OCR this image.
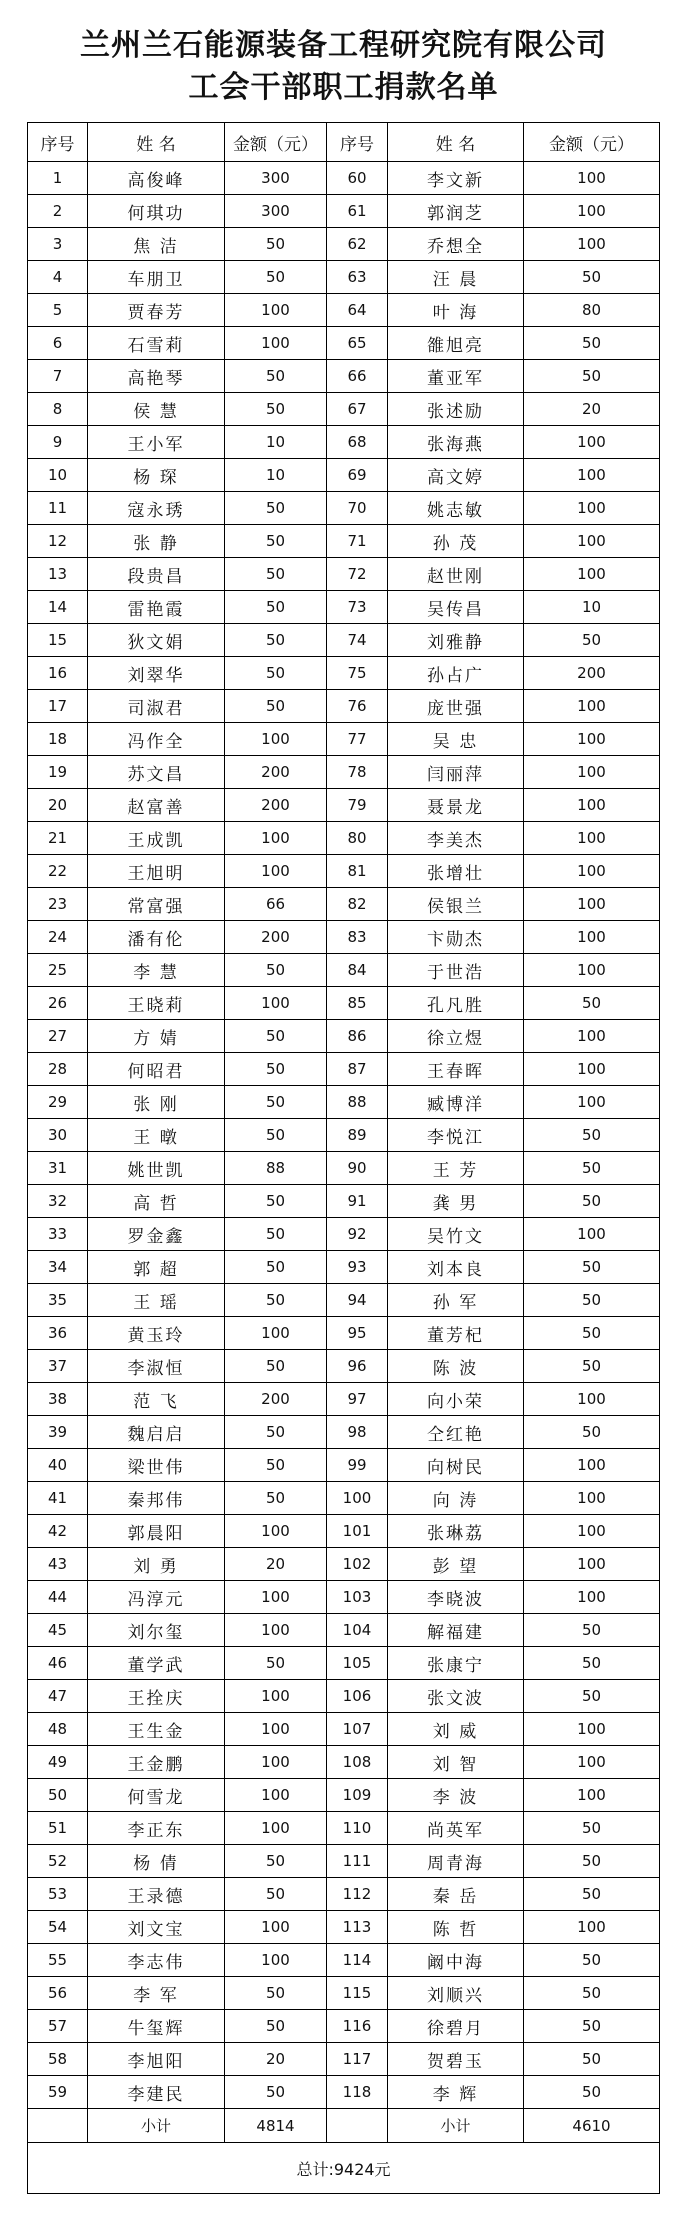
兰州兰石能源装备工程研究院有限公司
工会干部职工捐款名单
序号	姓 名	金额（元）	序号	姓 名	金额（元）
1	高俊峰	300	60	李文新	100
2	何琪功	300	61	郭润芝	100
3	焦 洁	50	62	乔想全	100
4	车朋卫	50	63	汪 晨	50
5	贾春芳	100	64	叶 海	80
6	石雪莉	100	65	雒旭亮	50
7	高艳琴	50	66	董亚军	50
8	侯 慧	50	67	张述励	20
9	王小军	10	68	张海燕	100
10	杨 琛	10	69	高文婷	100
11	寇永琇	50	70	姚志敏	100
12	张 静	50	71	孙 茂	100
13	段贵昌	50	72	赵世刚	100
14	雷艳霞	50	73	吴传昌	10
15	狄文娟	50	74	刘雅静	50
16	刘翠华	50	75	孙占广	200
17	司淑君	50	76	庞世强	100
18	冯作全	100	77	吴 忠	100
19	苏文昌	200	78	闫丽萍	100
20	赵富善	200	79	聂景龙	100
21	王成凯	100	80	李美杰	100
22	王旭明	100	81	张增壮	100
23	常富强	66	82	侯银兰	100
24	潘有伦	200	83	卞勋杰	100
25	李 慧	50	84	于世浩	100
26	王晓莉	100	85	孔凡胜	50
27	方 婧	50	86	徐立煜	100
28	何昭君	50	87	王春晖	100
29	张 刚	50	88	臧博洋	100
30	王 暾	50	89	李悦江	50
31	姚世凯	88	90	王 芳	50
32	高 哲	50	91	龚 男	50
33	罗金鑫	50	92	吴竹文	100
34	郭 超	50	93	刘本良	50
35	王 瑶	50	94	孙 军	50
36	黄玉玲	100	95	董芳杞	50
37	李淑恒	50	96	陈 波	50
38	范 飞	200	97	向小荣	100
39	魏启启	50	98	仝红艳	50
40	梁世伟	50	99	向树民	100
41	秦邦伟	50	100	向 涛	100
42	郭晨阳	100	101	张琳荔	100
43	刘 勇	20	102	彭 望	100
44	冯淳元	100	103	李晓波	100
45	刘尔玺	100	104	解福建	50
46	董学武	50	105	张康宁	50
47	王拴庆	100	106	张文波	50
48	王生金	100	107	刘 威	100
49	王金鹏	100	108	刘 智	100
50	何雪龙	100	109	李 波	100
51	李正东	100	110	尚英军	50
52	杨 倩	50	111	周青海	50
53	王录德	50	112	秦 岳	50
54	刘文宝	100	113	陈 哲	100
55	李志伟	100	114	阚中海	50
56	李 军	50	115	刘顺兴	50
57	牛玺辉	50	116	徐碧月	50
58	李旭阳	20	117	贺碧玉	50
59	李建民	50	118	李 辉	50
	小计	4814		小计	4610
总计:9424元					
